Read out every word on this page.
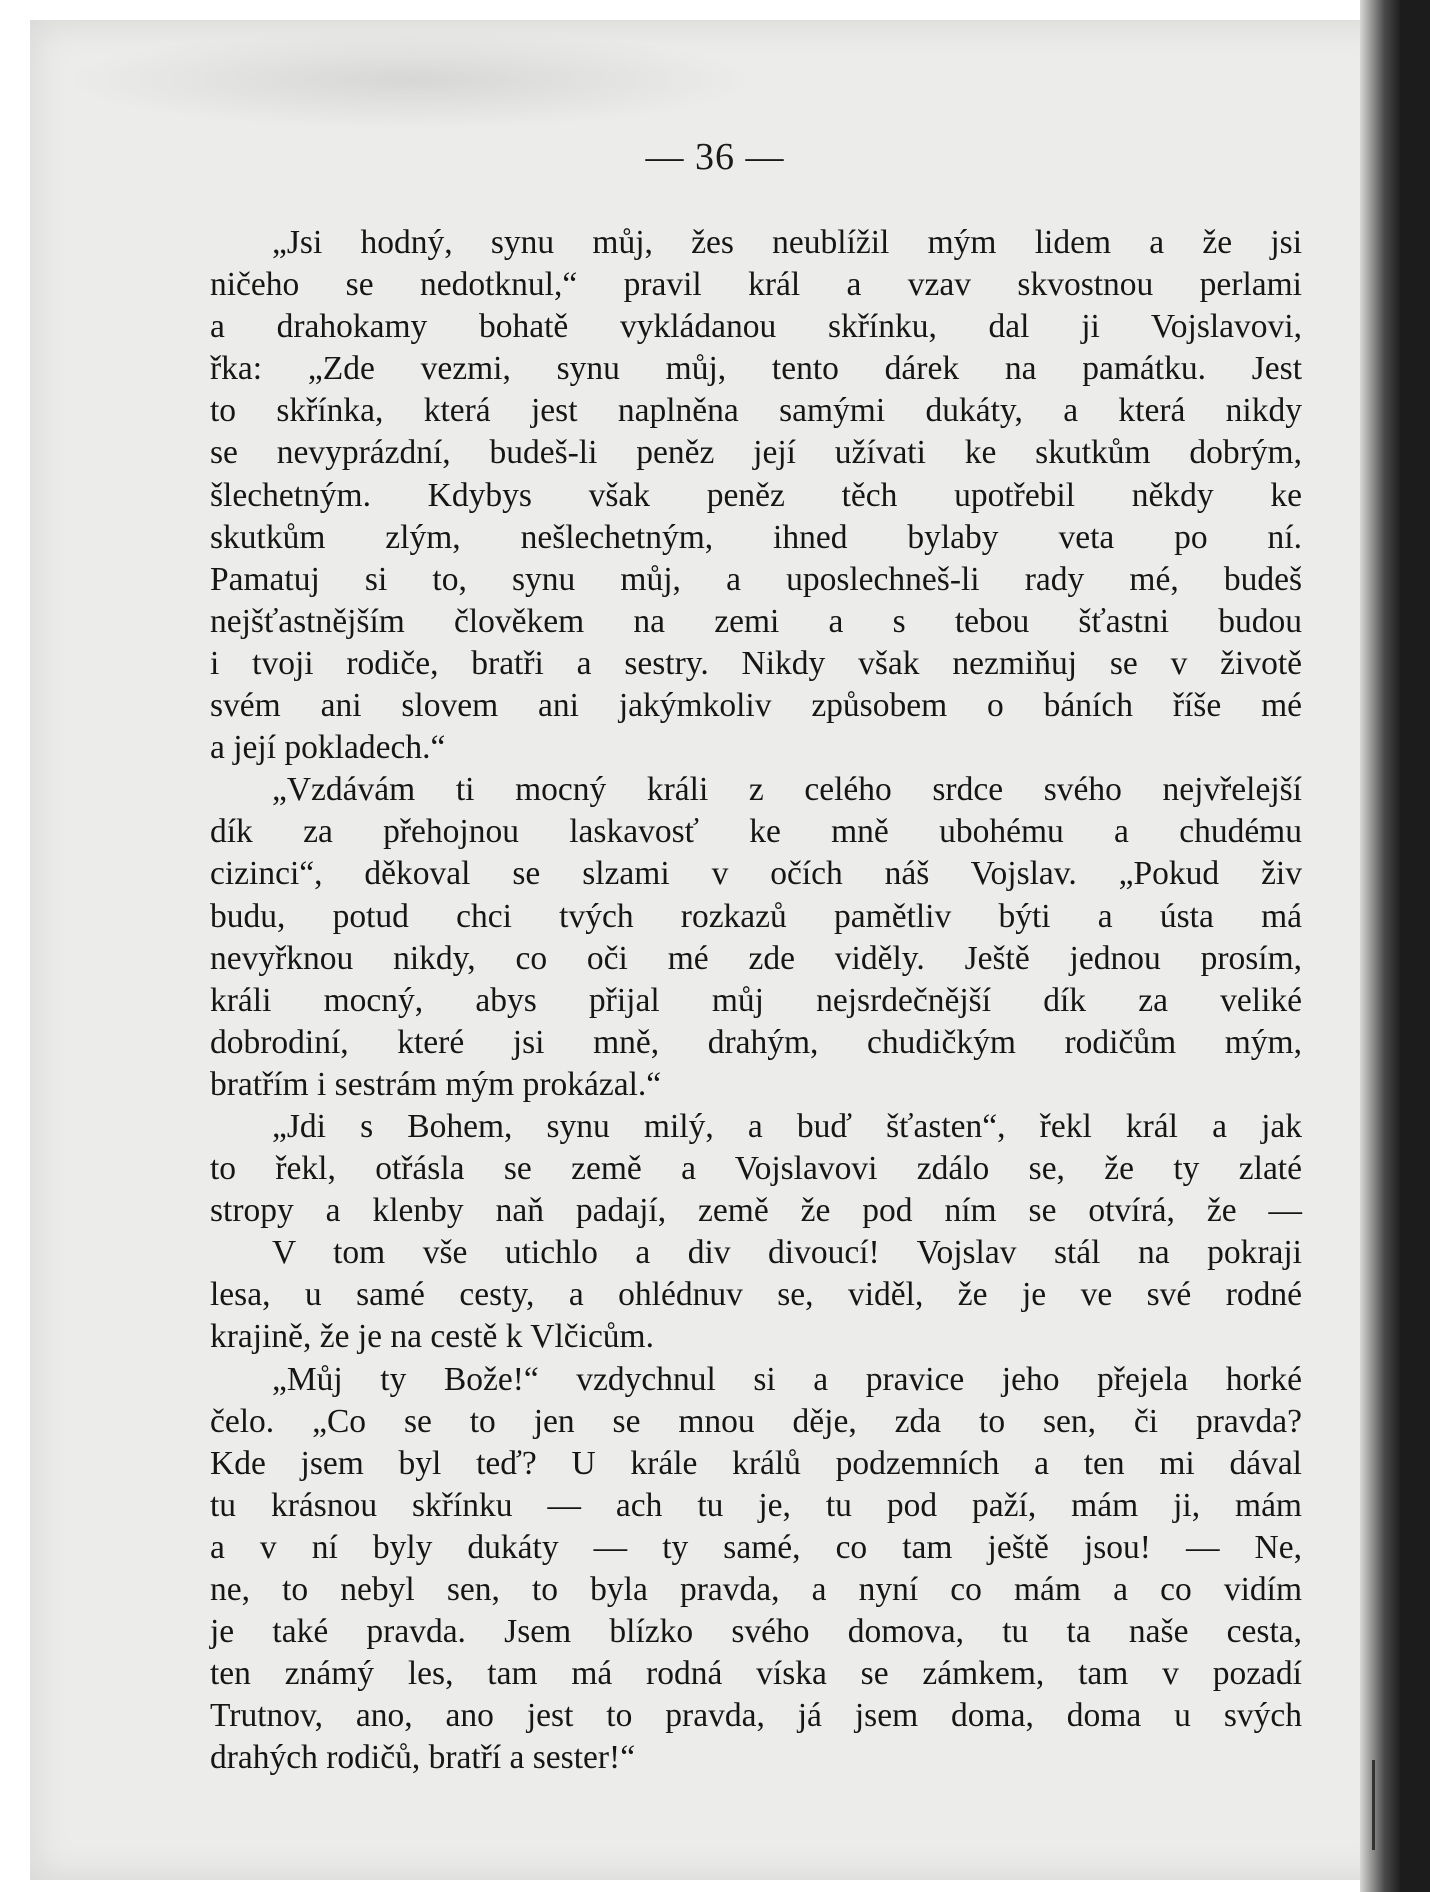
— 36 —
„Jsi hodný, synu můj, žes neublížil mým lidem a že jsi
ničeho se nedotknul,“ pravil král a vzav skvostnou perlami
a drahokamy bohatě vykládanou skřínku, dal ji Vojslavovi,
řka: „Zde vezmi, synu můj, tento dárek na památku. Jest
to skřínka, která jest naplněna samými dukáty, a která nikdy
se nevyprázdní, budeš-li peněz její užívati ke skutkům dobrým,
šlechetným. Kdybys však peněz těch upotřebil někdy ke
skutkům zlým, nešlechetným, ihned bylaby veta po ní.
Pamatuj si to, synu můj, a uposlechneš-li rady mé, budeš
nejšťastnějším člověkem na zemi a s tebou šťastni budou
i tvoji rodiče, bratři a sestry. Nikdy však nezmiňuj se v životě
svém ani slovem ani jakýmkoliv způsobem o báních říše mé
a její pokladech.“
„Vzdávám ti mocný králi z celého srdce svého nejvřelejší
dík za přehojnou laskavosť ke mně ubohému a chudému
cizinci“, děkoval se slzami v očích náš Vojslav. „Pokud živ
budu, potud chci tvých rozkazů pamětliv býti a ústa má
nevyřknou nikdy, co oči mé zde viděly. Ještě jednou prosím,
králi mocný, abys přijal můj nejsrdečnější dík za veliké
dobrodiní, které jsi mně, drahým, chudičkým rodičům mým,
bratřím i sestrám mým prokázal.“
„Jdi s Bohem, synu milý, a buď šťasten“, řekl král a jak
to řekl, otřásla se země a Vojslavovi zdálo se, že ty zlaté
stropy a klenby naň padají, země že pod ním se otvírá, že —
V tom vše utichlo a div divoucí! Vojslav stál na pokraji
lesa, u samé cesty, a ohlédnuv se, viděl, že je ve své rodné
krajině, že je na cestě k Vlčicům.
„Můj ty Bože!“ vzdychnul si a pravice jeho přejela horké
čelo. „Co se to jen se mnou děje, zda to sen, či pravda?
Kde jsem byl teď? U krále králů podzemních a ten mi dával
tu krásnou skřínku — ach tu je, tu pod paží, mám ji, mám
a v ní byly dukáty — ty samé, co tam ještě jsou! — Ne,
ne, to nebyl sen, to byla pravda, a nyní co mám a co vidím
je také pravda. Jsem blízko svého domova, tu ta naše cesta,
ten známý les, tam má rodná víska se zámkem, tam v pozadí
Trutnov, ano, ano jest to pravda, já jsem doma, doma u svých
drahých rodičů, bratří a sester!“
